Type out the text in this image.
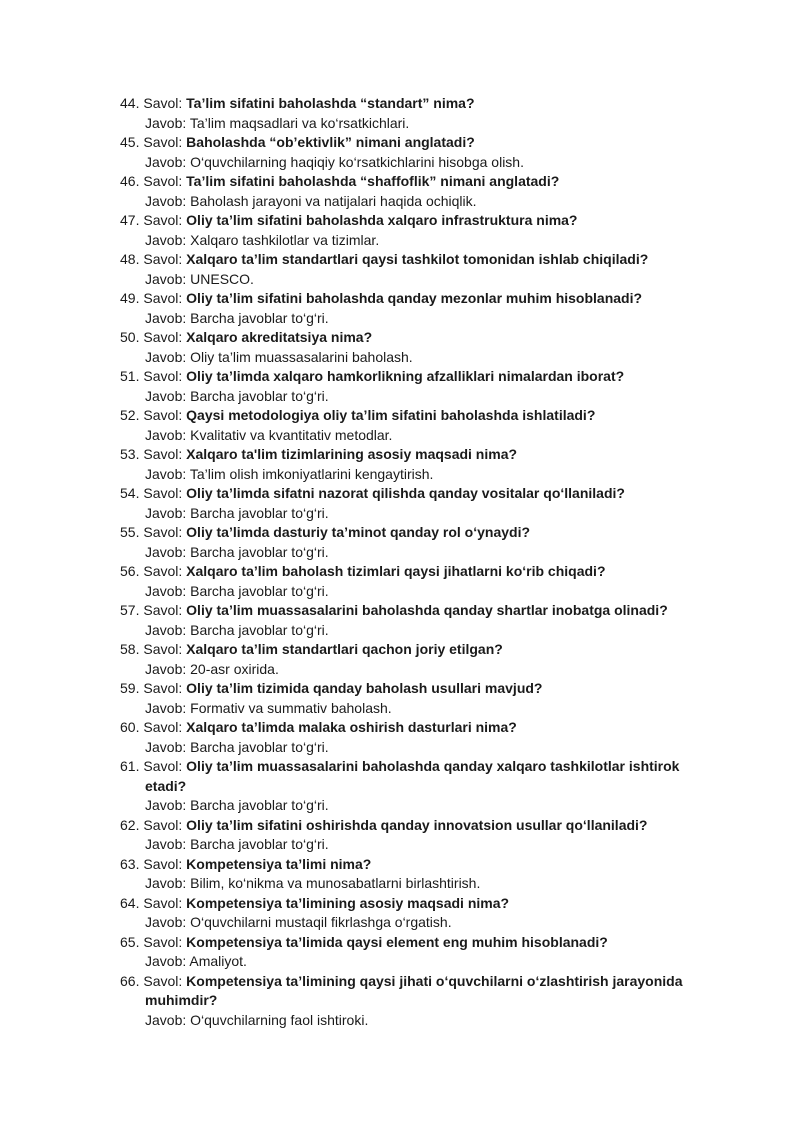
44. Savol: Ta’lim sifatini baholashda “standart” nima?
Javob: Ta’lim maqsadlari va ko‘rsatkichlari.
45. Savol: Baholashda “ob’ektivlik” nimani anglatadi?
Javob: O‘quvchilarning haqiqiy ko‘rsatkichlarini hisobga olish.
46. Savol: Ta’lim sifatini baholashda “shaffoflik” nimani anglatadi?
Javob: Baholash jarayoni va natijalari haqida ochiqlik.
47. Savol: Oliy ta’lim sifatini baholashda xalqaro infrastruktura nima?
Javob: Xalqaro tashkilotlar va tizimlar.
48. Savol: Xalqaro ta’lim standartlari qaysi tashkilot tomonidan ishlab chiqiladi?
Javob: UNESCO.
49. Savol: Oliy ta’lim sifatini baholashda qanday mezonlar muhim hisoblanadi?
Javob: Barcha javoblar to‘g‘ri.
50. Savol: Xalqaro akreditatsiya nima?
Javob: Oliy ta’lim muassasalarini baholash.
51. Savol: Oliy ta’limda xalqaro hamkorlikning afzalliklari nimalardan iborat?
Javob: Barcha javoblar to‘g‘ri.
52. Savol: Qaysi metodologiya oliy ta’lim sifatini baholashda ishlatiladi?
Javob: Kvalitativ va kvantitativ metodlar.
53. Savol: Xalqaro ta'lim tizimlarining asosiy maqsadi nima?
Javob: Ta’lim olish imkoniyatlarini kengaytirish.
54. Savol: Oliy ta’limda sifatni nazorat qilishda qanday vositalar qo‘llaniladi?
Javob: Barcha javoblar to‘g‘ri.
55. Savol: Oliy ta’limda dasturiy ta’minot qanday rol o‘ynaydi?
Javob: Barcha javoblar to‘g‘ri.
56. Savol: Xalqaro ta’lim baholash tizimlari qaysi jihatlarni ko‘rib chiqadi?
Javob: Barcha javoblar to‘g‘ri.
57. Savol: Oliy ta’lim muassasalarini baholashda qanday shartlar inobatga olinadi?
Javob: Barcha javoblar to‘g‘ri.
58. Savol: Xalqaro ta’lim standartlari qachon joriy etilgan?
Javob: 20-asr oxirida.
59. Savol: Oliy ta’lim tizimida qanday baholash usullari mavjud?
Javob: Formativ va summativ baholash.
60. Savol: Xalqaro ta’limda malaka oshirish dasturlari nima?
Javob: Barcha javoblar to‘g‘ri.
61. Savol: Oliy ta’lim muassasalarini baholashda qanday xalqaro tashkilotlar ishtirok etadi?
Javob: Barcha javoblar to‘g‘ri.
62. Savol: Oliy ta’lim sifatini oshirishda qanday innovatsion usullar qo‘llaniladi?
Javob: Barcha javoblar to‘g‘ri.
63. Savol: Kompetensiya ta’limi nima?
Javob: Bilim, ko‘nikma va munosabatlarni birlashtirish.
64. Savol: Kompetensiya ta’limining asosiy maqsadi nima?
Javob: O‘quvchilarni mustaqil fikrlashga o‘rgatish.
65. Savol: Kompetensiya ta’limida qaysi element eng muhim hisoblanadi?
Javob: Amaliyot.
66. Savol: Kompetensiya ta’limining qaysi jihati o‘quvchilarni o‘zlashtirish jarayonida muhimdir?
Javob: O‘quvchilarning faol ishtiroki.
